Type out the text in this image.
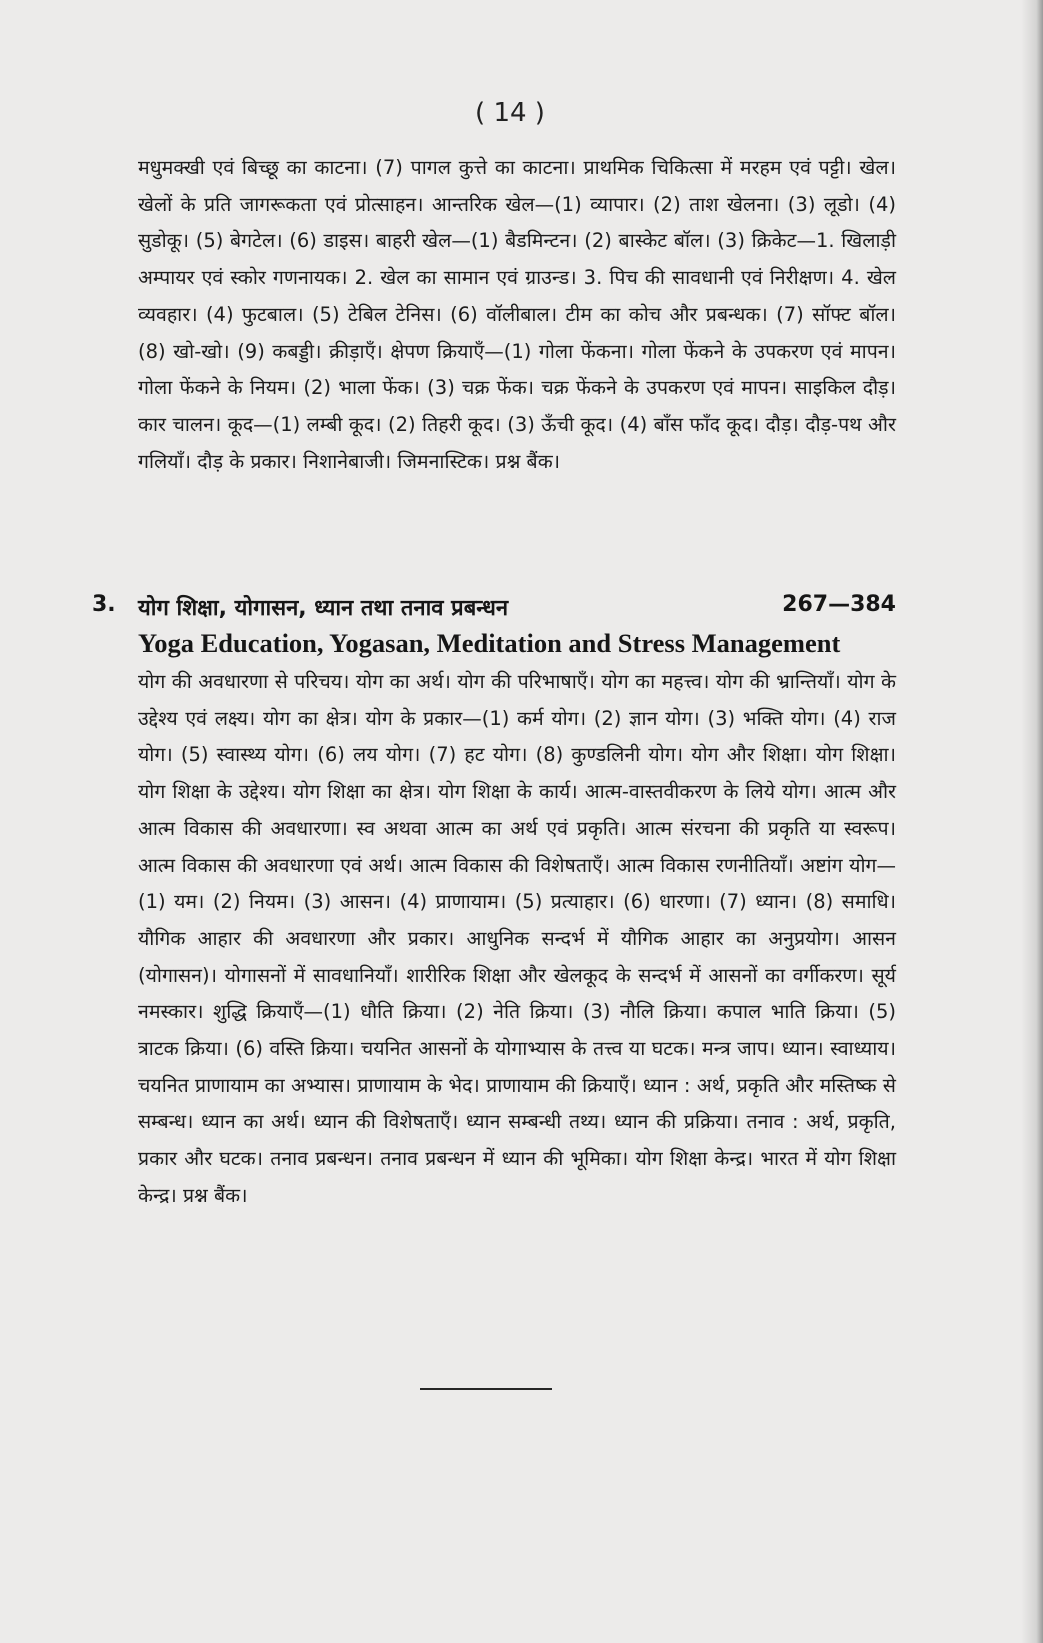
( 14 )
मधुमक्खी एवं बिच्छू का काटना। (7) पागल कुत्ते का काटना। प्राथमिक चिकित्सा में मरहम एवं पट्टी। खेल। खेलों के प्रति जागरूकता एवं प्रोत्साहन। आन्तरिक खेल—(1) व्यापार। (2) ताश खेलना। (3) लूडो। (4) सुडोकू। (5) बेगटेल। (6) डाइस। बाहरी खेल—(1) बैडमिन्टन। (2) बास्केट बॉल। (3) क्रिकेट—1. खिलाड़ी अम्पायर एवं स्कोर गणनायक। 2. खेल का सामान एवं ग्राउन्ड। 3. पिच की सावधानी एवं निरीक्षण। 4. खेल व्यवहार। (4) फुटबाल। (5) टेबिल टेनिस। (6) वॉलीबाल। टीम का कोच और प्रबन्धक। (7) सॉफ्ट बॉल। (8) खो-खो। (9) कबड्डी। क्रीड़ाएँ। क्षेपण क्रियाएँ—(1) गोला फेंकना। गोला फेंकने के उपकरण एवं मापन। गोला फेंकने के नियम। (2) भाला फेंक। (3) चक्र फेंक। चक्र फेंकने के उपकरण एवं मापन। साइकिल दौड़। कार चालन। कूद—(1) लम्बी कूद। (2) तिहरी कूद। (3) ऊँची कूद। (4) बाँस फाँद कूद। दौड़। दौड़-पथ और गलियाँ। दौड़ के प्रकार। निशानेबाजी। जिमनास्टिक। प्रश्न बैंक।
3. योग शिक्षा, योगासन, ध्यान तथा तनाव प्रबन्धन	267—384
Yoga Education, Yogasan, Meditation and Stress Management
योग की अवधारणा से परिचय। योग का अर्थ। योग की परिभाषाएँ। योग का महत्त्व। योग की भ्रान्तियाँ। योग के उद्देश्य एवं लक्ष्य। योग का क्षेत्र। योग के प्रकार—(1) कर्म योग। (2) ज्ञान योग। (3) भक्ति योग। (4) राज योग। (5) स्वास्थ्य योग। (6) लय योग। (7) हट योग। (8) कुण्डलिनी योग। योग और शिक्षा। योग शिक्षा। योग शिक्षा के उद्देश्य। योग शिक्षा का क्षेत्र। योग शिक्षा के कार्य। आत्म-वास्तवीकरण के लिये योग। आत्म और आत्म विकास की अवधारणा। स्व अथवा आत्म का अर्थ एवं प्रकृति। आत्म संरचना की प्रकृति या स्वरूप। आत्म विकास की अवधारणा एवं अर्थ। आत्म विकास की विशेषताएँ। आत्म विकास रणनीतियाँ। अष्टांग योग—(1) यम। (2) नियम। (3) आसन। (4) प्राणायाम। (5) प्रत्याहार। (6) धारणा। (7) ध्यान। (8) समाधि। यौगिक आहार की अवधारणा और प्रकार। आधुनिक सन्दर्भ में यौगिक आहार का अनुप्रयोग। आसन (योगासन)। योगासनों में सावधानियाँ। शारीरिक शिक्षा और खेलकूद के सन्दर्भ में आसनों का वर्गीकरण। सूर्य नमस्कार। शुद्धि क्रियाएँ—(1) धौति क्रिया। (2) नेति क्रिया। (3) नौलि क्रिया। कपाल भाति क्रिया। (5) त्राटक क्रिया। (6) वस्ति क्रिया। चयनित आसनों के योगाभ्यास के तत्त्व या घटक। मन्त्र जाप। ध्यान। स्वाध्याय। चयनित प्राणायाम का अभ्यास। प्राणायाम के भेद। प्राणायाम की क्रियाएँ। ध्यान : अर्थ, प्रकृति और मस्तिष्क से सम्बन्ध। ध्यान का अर्थ। ध्यान की विशेषताएँ। ध्यान सम्बन्धी तथ्य। ध्यान की प्रक्रिया। तनाव : अर्थ, प्रकृति, प्रकार और घटक। तनाव प्रबन्धन। तनाव प्रबन्धन में ध्यान की भूमिका। योग शिक्षा केन्द्र। भारत में योग शिक्षा केन्द्र। प्रश्न बैंक।
